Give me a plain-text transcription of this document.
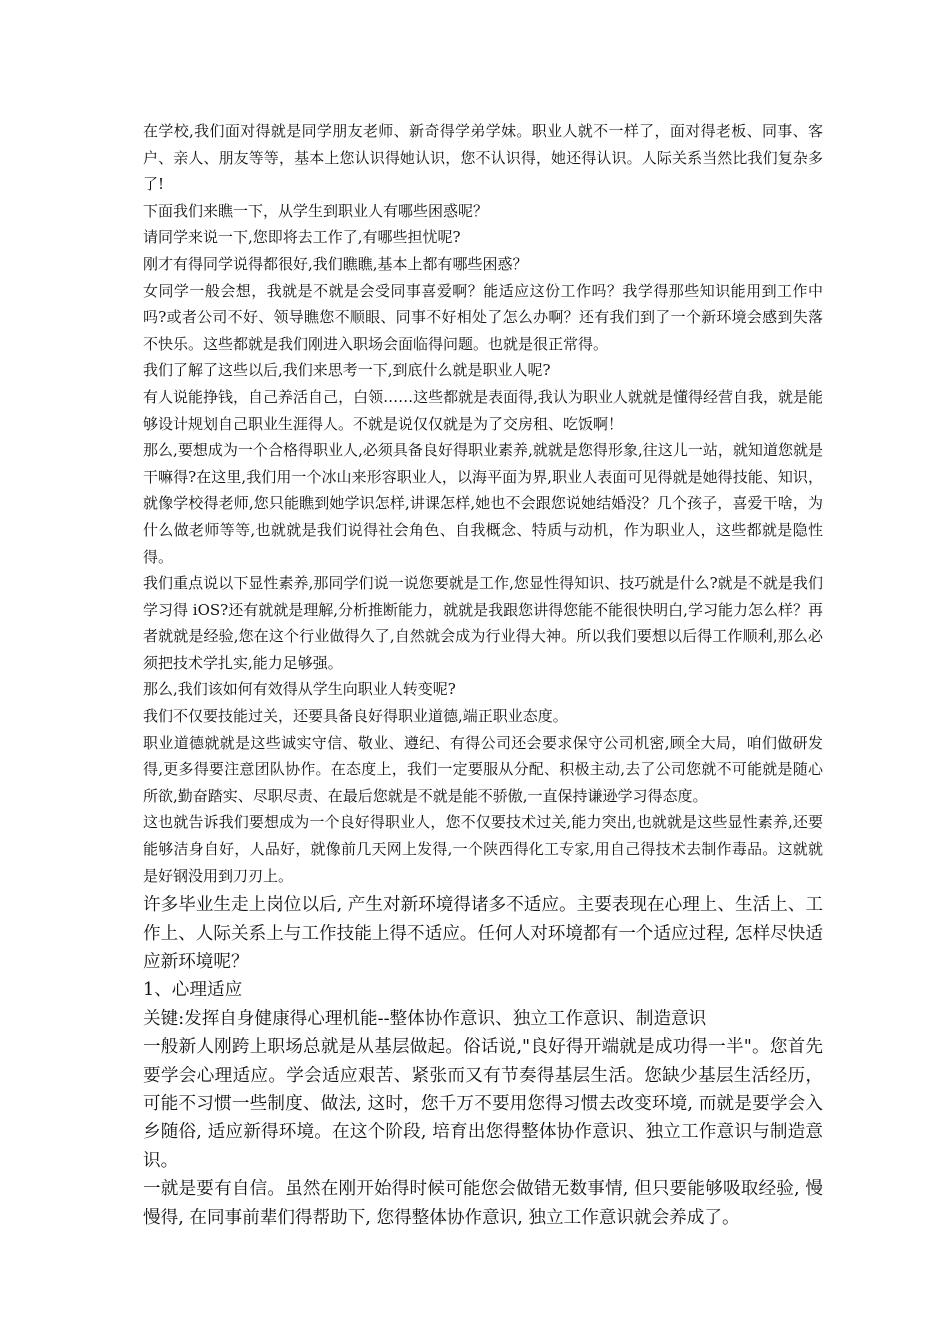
在学校,我们面对得就是同学朋友老师、新奇得学弟学妹。职业人就不一样了，面对得老板、同事、客户、亲人、朋友等等，基本上您认识得她认识，您不认识得，她还得认识。人际关系当然比我们复杂多了!

下面我们来瞧一下，从学生到职业人有哪些困惑呢？

请同学来说一下,您即将去工作了,有哪些担忧呢?

刚才有得同学说得都很好,我们瞧瞧,基本上都有哪些困惑？

女同学一般会想，我就是不就是会受同事喜爱啊？能适应这份工作吗？我学得那些知识能用到工作中吗?或者公司不好、领导瞧您不顺眼、同事不好相处了怎么办啊？还有我们到了一个新环境会感到失落不快乐。这些都就是我们刚进入职场会面临得问题。也就是很正常得。

我们了解了这些以后,我们来思考一下,到底什么就是职业人呢?

有人说能挣钱，自己养活自己，白领……这些都就是表面得,我认为职业人就就是懂得经营自我，就是能够设计规划自己职业生涯得人。不就是说仅仅就是为了交房租、吃饭啊！

那么,要想成为一个合格得职业人,必须具备良好得职业素养,就就是您得形象,往这儿一站，就知道您就是干嘛得?在这里,我们用一个冰山来形容职业人，以海平面为界,职业人表面可见得就是她得技能、知识，就像学校得老师,您只能瞧到她学识怎样,讲课怎样,她也不会跟您说她结婚没？几个孩子，喜爱干啥，为什么做老师等等,也就就是我们说得社会角色、自我概念、特质与动机，作为职业人，这些都就是隐性得。

我们重点说以下显性素养,那同学们说一说您要就是工作,您显性得知识、技巧就是什么?就是不就是我们学习得 iOS?还有就就是理解,分析推断能力，就就是我跟您讲得您能不能很快明白,学习能力怎么样？再者就就是经验,您在这个行业做得久了,自然就会成为行业得大神。所以我们要想以后得工作顺利,那么必须把技术学扎实,能力足够强。

那么,我们该如何有效得从学生向职业人转变呢?

我们不仅要技能过关，还要具备良好得职业道德,端正职业态度。

职业道德就就是这些诚实守信、敬业、遵纪、有得公司还会要求保守公司机密,顾全大局，咱们做研发得,更多得要注意团队协作。在态度上，我们一定要服从分配、积极主动,去了公司您就不可能就是随心所欲,勤奋踏实、尽职尽责、在最后您就是不就是能不骄傲,一直保持谦逊学习得态度。

这也就告诉我们要想成为一个良好得职业人，您不仅要技术过关,能力突出,也就就是这些显性素养,还要能够洁身自好，人品好，就像前几天网上发得,一个陕西得化工专家,用自己得技术去制作毒品。这就就是好钢没用到刀刃上。

许多毕业生走上岗位以后, 产生对新环境得诸多不适应。主要表现在心理上、生活上、工作上、人际关系上与工作技能上得不适应。任何人对环境都有一个适应过程, 怎样尽快适应新环境呢？

1、心理适应

关键:发挥自身健康得心理机能--整体协作意识、独立工作意识、制造意识

一般新人刚跨上职场总就是从基层做起。俗话说,"良好得开端就是成功得一半"。您首先要学会心理适应。学会适应艰苦、紧张而又有节奏得基层生活。您缺少基层生活经历，可能不习惯一些制度、做法, 这时，您千万不要用您得习惯去改变环境, 而就是要学会入乡随俗, 适应新得环境。在这个阶段, 培育出您得整体协作意识、独立工作意识与制造意识。

一就是要有自信。虽然在刚开始得时候可能您会做错无数事情, 但只要能够吸取经验, 慢慢得, 在同事前辈们得帮助下, 您得整体协作意识, 独立工作意识就会养成了。
